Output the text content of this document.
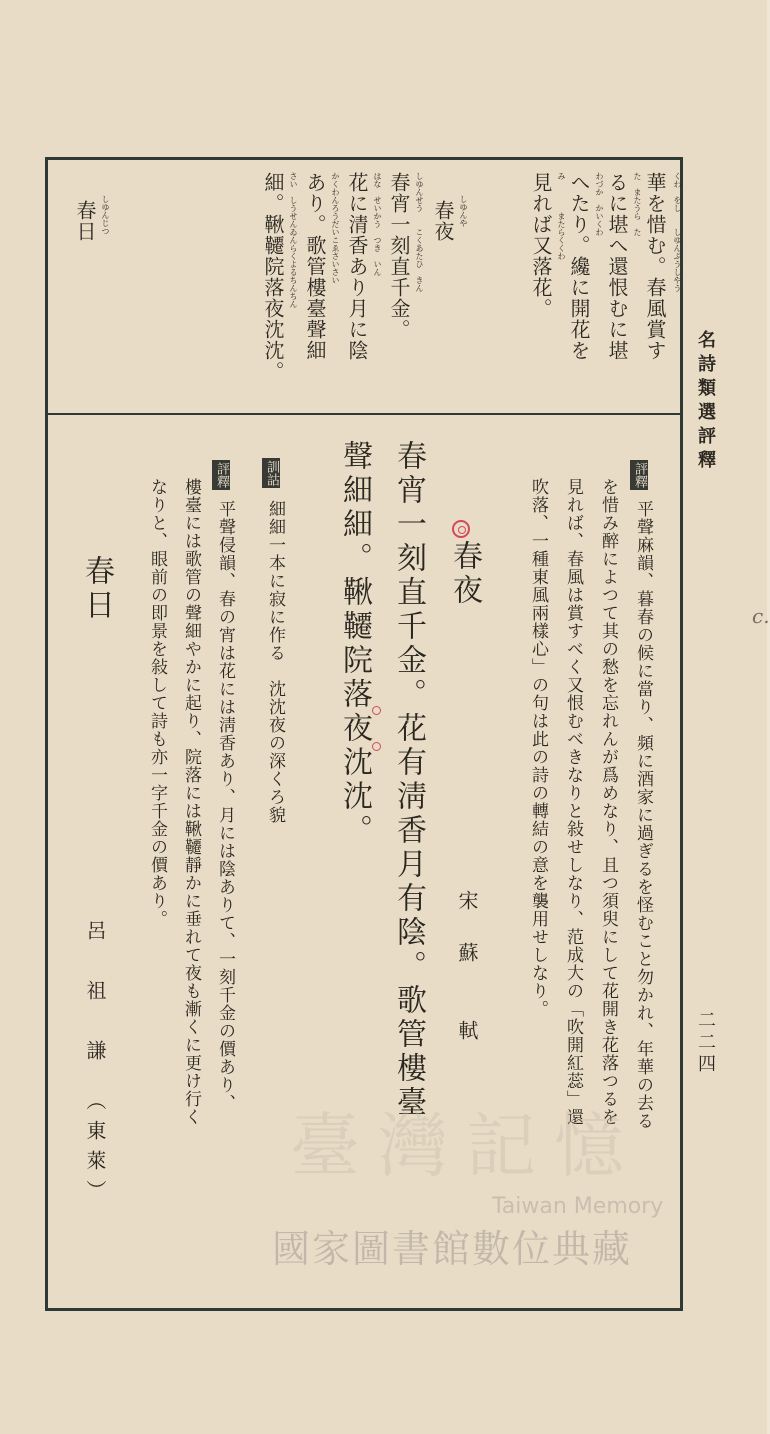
名詩類選評釋
二二四
c.
華を惜む。春風賞す くわ　をし　　しゆんぷうしやう
るに堪へ還恨むに堪 た　またうら　た
へたり。纔に開花を わづか　かいくわ
見れば又落花。 み　　　　またらくくわ
春夜 しゆんや
春宵一刻直千金。 しゆんせう　　こくあたひ　きん
花に清香あり月に陰 はな　せいかう　つき　いん
あり。歌管樓臺聲細 かくわんろうだいこゑさいさい
細。鞦韆院落夜沈沈。 さい　しうせんゐんらくよるちんちん
春日 しゆんじつ
評釋
平聲麻韻、暮春の候に當り、頻に酒家に過ぎるを怪むこと勿かれ、年華の去る
を惜み醉によつて其の愁を忘れんが爲めなり、且つ須臾にして花開き花落つるを
見れば、春風は賞すべく又恨むべきなりと敍せしなり、范成大の「吹開紅蕊」還
吹落、一種東風兩樣心」の句は此の詩の轉結の意を襲用せしなり。
春夜
宋　蘇　　軾
春宵一刻直千金。花有淸香月有陰。歌管樓臺
聲細細。鞦韆院落夜沈沈。
訓詁
細細一本に寂に作る　沈沈夜の深くろ貌
評釋
平聲侵韻、春の宵は花には淸香あり、月には陰ありて、一刻千金の價あり、
樓臺には歌管の聲細やかに起り、院落には鞦韆靜かに垂れて夜も漸くに更け行く
なりと、眼前の即景を敍して詩も亦一字千金の價あり。
春日
呂　祖　謙　（東萊）	臺灣記憶
Taiwan Memory
國家圖書館數位典藏
